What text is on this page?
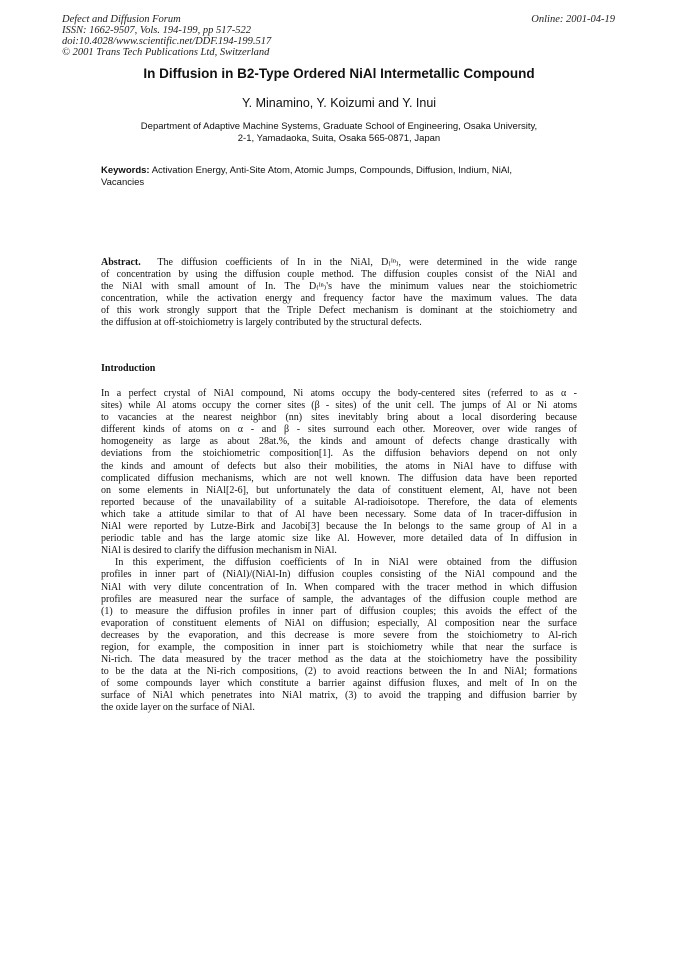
Defect and Diffusion Forum
ISSN: 1662-9507, Vols. 194-199, pp 517-522
doi:10.4028/www.scientific.net/DDF.194-199.517
© 2001 Trans Tech Publications Ltd, Switzerland
Online: 2001-04-19
In Diffusion in B2-Type Ordered NiAl Intermetallic Compound
Y. Minamino, Y. Koizumi and Y. Inui
Department of Adaptive Machine Systems, Graduate School of Engineering, Osaka University,
2-1, Yamadaoka, Suita, Osaka 565-0871, Japan
Keywords: Activation Energy, Anti-Site Atom, Atomic Jumps, Compounds, Diffusion, Indium, NiAl,
Vacancies
Abstract. The diffusion coefficients of In in the NiAl, D₍ᴵⁿ₎, were determined in the wide range
of concentration by using the diffusion couple method. The diffusion couples consist of the NiAl and
the NiAl with small amount of In. The D₍ᴵⁿ₎'s have the minimum values near the stoichiometric
concentration, while the activation energy and frequency factor have the maximum values. The data
of this work strongly support that the Triple Defect mechanism is dominant at the stoichiometry and
the diffusion at off-stoichiometry is largely contributed by the structural defects.
Introduction
In a perfect crystal of NiAl compound, Ni atoms occupy the body-centered sites (referred to as α -
sites) while Al atoms occupy the corner sites (β - sites) of the unit cell. The jumps of Al or Ni atoms
to vacancies at the nearest neighbor (nn) sites inevitably bring about a local disordering because
different kinds of atoms on α - and β - sites surround each other. Moreover, over wide ranges of
homogeneity as large as about 28at.%, the kinds and amount of defects change drastically with
deviations from the stoichiometric composition[1]. As the diffusion behaviors depend on not only
the kinds and amount of defects but also their mobilities, the atoms in NiAl have to diffuse with
complicated diffusion mechanisms, which are not well known. The diffusion data have been reported
on some elements in NiAl[2-6], but unfortunately the data of constituent element, Al, have not been
reported because of the unavailability of a suitable Al-radioisotope. Therefore, the data of elements
which take a attitude similar to that of Al have been necessary. Some data of In tracer-diffusion in
NiAl were reported by Lutze-Birk and Jacobi[3] because the In belongs to the same group of Al in a
periodic table and has the large atomic size like Al. However, more detailed data of In diffusion in
NiAl is desired to clarify the diffusion mechanism in NiAl.
In this experiment, the diffusion coefficients of In in NiAl were obtained from the diffusion
profiles in inner part of (NiAl)/(NiAl-In) diffusion couples consisting of the NiAl compound and the
NiAl with very dilute concentration of In. When compared with the tracer method in which diffusion
profiles are measured near the surface of sample, the advantages of the diffusion couple method are
(1) to measure the diffusion profiles in inner part of diffusion couples; this avoids the effect of the
evaporation of constituent elements of NiAl on diffusion; especially, Al composition near the surface
decreases by the evaporation, and this decrease is more severe from the stoichiometry to Al-rich
region, for example, the composition in inner part is stoichiometry while that near the surface is
Ni-rich. The data measured by the tracer method as the data at the stoichiometry have the possibility
to be the data at the Ni-rich compositions, (2) to avoid reactions between the In and NiAl; formations
of some compounds layer which constitute a barrier against diffusion fluxes, and melt of In on the
surface of NiAl which penetrates into NiAl matrix, (3) to avoid the trapping and diffusion barrier by
the oxide layer on the surface of NiAl.
